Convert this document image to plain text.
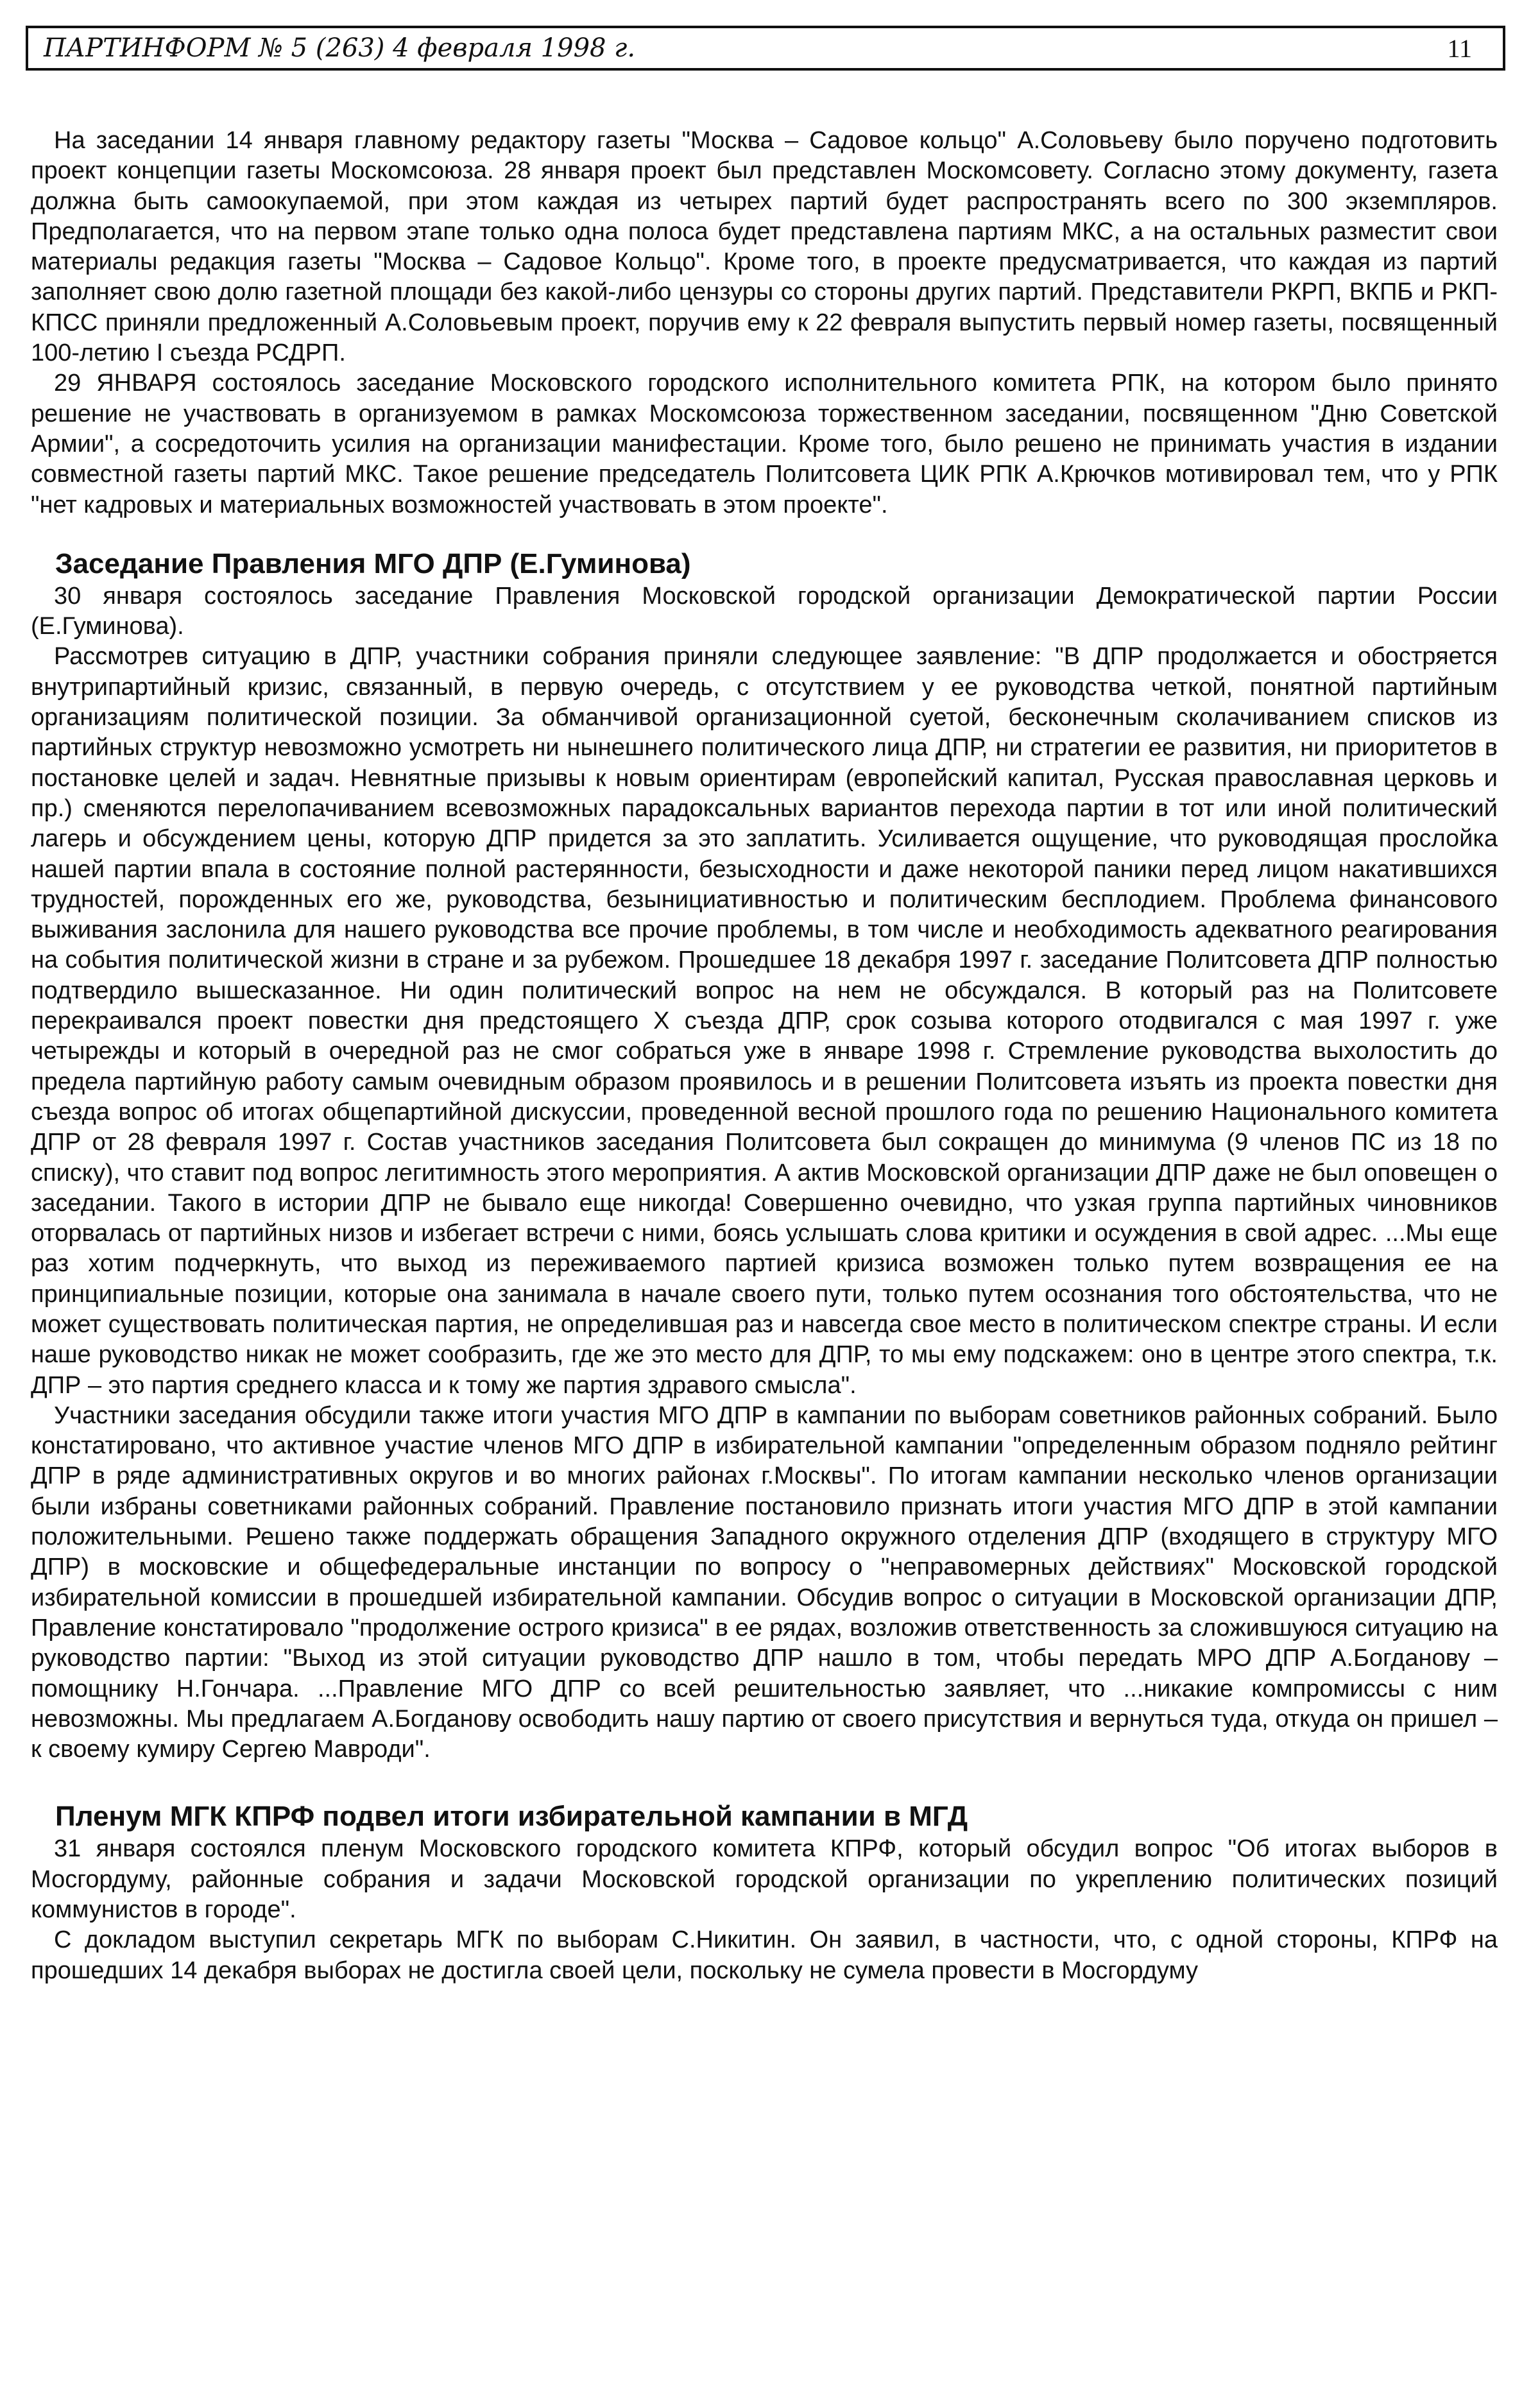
ПАРТИНФОРМ № 5 (263) 4 февраля 1998 г.	11

На заседании 14 января главному редактору газеты "Москва – Садовое кольцо" А.Соловьеву было поручено подготовить проект концепции газеты Москомсоюза. 28 января проект был представлен Москомсовету. Согласно этому документу, газета должна быть самоокупаемой, при этом каждая из четырех партий будет распространять всего по 300 экземпляров. Предполагается, что на первом этапе только одна полоса будет представлена партиям МКС, а на остальных разместит свои материалы редакция газеты "Москва – Садовое Кольцо". Кроме того, в проекте предусматривается, что каждая из партий заполняет свою долю газетной площади без какой-либо цензуры со стороны других партий. Представители РКРП, ВКПБ и РКП-КПСС приняли предложенный А.Соловьевым проект, поручив ему к 22 февраля выпустить первый номер газеты, посвященный 100-летию I съезда РСДРП.

29 ЯНВАРЯ состоялось заседание Московского городского исполнительного комитета РПК, на котором было принято решение не участвовать в организуемом в рамках Москомсоюза торжественном заседании, посвященном "Дню Советской Армии", а сосредоточить усилия на организации манифестации. Кроме того, было решено не принимать участия в издании совместной газеты партий МКС. Такое решение председатель Политсовета ЦИК РПК А.Крючков мотивировал тем, что у РПК "нет кадровых и материальных возможностей участвовать в этом проекте".

Заседание Правления МГО ДПР (Е.Гуминова)

30 января состоялось заседание Правления Московской городской организации Демократической партии России (Е.Гуминова).

Рассмотрев ситуацию в ДПР, участники собрания приняли следующее заявление: "В ДПР продолжается и обостряется внутрипартийный кризис, связанный, в первую очередь, с отсутствием у ее руководства четкой, понятной партийным организациям политической позиции. За обманчивой организационной суетой, бесконечным сколачиванием списков из партийных структур невозможно усмотреть ни нынешнего политического лица ДПР, ни стратегии ее развития, ни приоритетов в постановке целей и задач. Невнятные призывы к новым ориентирам (европейский капитал, Русская православная церковь и пр.) сменяются перелопачиванием всевозможных парадоксальных вариантов перехода партии в тот или иной политический лагерь и обсуждением цены, которую ДПР придется за это заплатить. Усиливается ощущение, что руководящая прослойка нашей партии впала в состояние полной растерянности, безысходности и даже некоторой паники перед лицом накатившихся трудностей, порожденных его же, руководства, безынициативностью и политическим бесплодием. Проблема финансового выживания заслонила для нашего руководства все прочие проблемы, в том числе и необходимость адекватного реагирования на события политической жизни в стране и за рубежом. Прошедшее 18 декабря 1997 г. заседание Политсовета ДПР полностью подтвердило вышесказанное. Ни один политический вопрос на нем не обсуждался. В который раз на Политсовете перекраивался проект повестки дня предстоящего X съезда ДПР, срок созыва которого отодвигался с мая 1997 г. уже четырежды и который в очередной раз не смог собраться уже в январе 1998 г. Стремление руководства выхолостить до предела партийную работу самым очевидным образом проявилось и в решении Политсовета изъять из проекта повестки дня съезда вопрос об итогах общепартийной дискуссии, проведенной весной прошлого года по решению Национального комитета ДПР от 28 февраля 1997 г. Состав участников заседания Политсовета был сокращен до минимума (9 членов ПС из 18 по списку), что ставит под вопрос легитимность этого мероприятия. А актив Московской организации ДПР даже не был оповещен о заседании. Такого в истории ДПР не бывало еще никогда! Совершенно очевидно, что узкая группа партийных чиновников оторвалась от партийных низов и избегает встречи с ними, боясь услышать слова критики и осуждения в свой адрес. ...Мы еще раз хотим подчеркнуть, что выход из переживаемого партией кризиса возможен только путем возвращения ее на принципиальные позиции, которые она занимала в начале своего пути, только путем осознания того обстоятельства, что не может существовать политическая партия, не определившая раз и навсегда свое место в политическом спектре страны. И если наше руководство никак не может сообразить, где же это место для ДПР, то мы ему подскажем: оно в центре этого спектра, т.к. ДПР – это партия среднего класса и к тому же партия здравого смысла".

Участники заседания обсудили также итоги участия МГО ДПР в кампании по выборам советников районных собраний. Было констатировано, что активное участие членов МГО ДПР в избирательной кампании "определенным образом подняло рейтинг ДПР в ряде административных округов и во многих районах г.Москвы". По итогам кампании несколько членов организации были избраны советниками районных собраний. Правление постановило признать итоги участия МГО ДПР в этой кампании положительными. Решено также поддержать обращения Западного окружного отделения ДПР (входящего в структуру МГО ДПР) в московские и общефедеральные инстанции по вопросу о "неправомерных действиях" Московской городской избирательной комиссии в прошедшей избирательной кампании. Обсудив вопрос о ситуации в Московской организации ДПР, Правление констатировало "продолжение острого кризиса" в ее рядах, возложив ответственность за сложившуюся ситуацию на руководство партии: "Выход из этой ситуации руководство ДПР нашло в том, чтобы передать МРО ДПР А.Богданову – помощнику Н.Гончара. ...Правление МГО ДПР со всей решительностью заявляет, что ...никакие компромиссы с ним невозможны. Мы предлагаем А.Богданову освободить нашу партию от своего присутствия и вернуться туда, откуда он пришел – к своему кумиру Сергею Мавроди".

Пленум МГК КПРФ подвел итоги избирательной кампании в МГД

31 января состоялся пленум Московского городского комитета КПРФ, который обсудил вопрос "Об итогах выборов в Мосгордуму, районные собрания и задачи Московской городской организации по укреплению политических позиций коммунистов в городе".

С докладом выступил секретарь МГК по выборам С.Никитин. Он заявил, в частности, что, с одной стороны, КПРФ на прошедших 14 декабря выборах не достигла своей цели, поскольку не сумела провести в Мосгордуму
